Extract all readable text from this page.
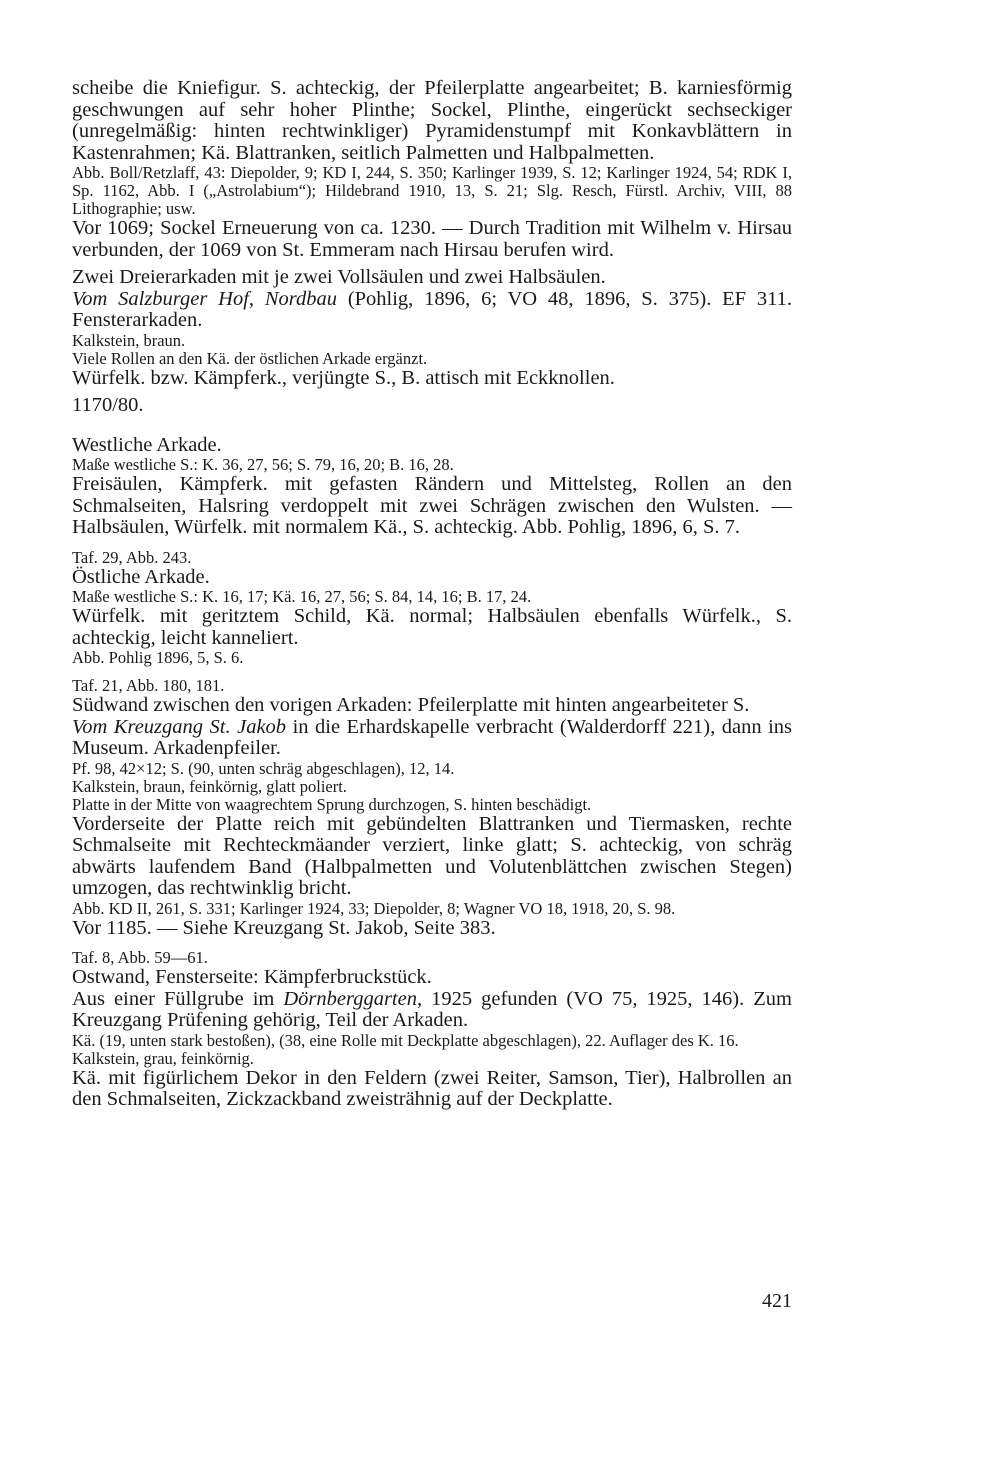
scheibe die Kniefigur. S. achteckig, der Pfeilerplatte angearbeitet; B. karniesförmig geschwungen auf sehr hoher Plinthe; Sockel, Plinthe, eingerückt sechseckiger (unregelmäßig: hinten rechtwinkliger) Pyramidenstumpf mit Konkavblättern in Kastenrahmen; Kä. Blattranken, seitlich Palmetten und Halbpalmetten.

Abb. Boll/Retzlaff, 43: Diepolder, 9; KD I, 244, S. 350; Karlinger 1939, S. 12; Karlinger 1924, 54; RDK I, Sp. 1162, Abb. I („Astrolabium“); Hildebrand 1910, 13, S. 21; Slg. Resch, Fürstl. Archiv, VIII, 88 Lithographie; usw.

Vor 1069; Sockel Erneuerung von ca. 1230. — Durch Tradition mit Wilhelm v. Hirsau verbunden, der 1069 von St. Emmeram nach Hirsau berufen wird.

Zwei Dreierarkaden mit je zwei Vollsäulen und zwei Halbsäulen.

Vom Salzburger Hof, Nordbau (Pohlig, 1896, 6; VO 48, 1896, S. 375). EF 311. Fensterarkaden.

Kalkstein, braun.

Viele Rollen an den Kä. der östlichen Arkade ergänzt.

Würfelk. bzw. Kämpferk., verjüngte S., B. attisch mit Eckknollen.

1170/80.

Westliche Arkade.

Maße westliche S.: K. 36, 27, 56; S. 79, 16, 20; B. 16, 28.

Freisäulen, Kämpferk. mit gefasten Rändern und Mittelsteg, Rollen an den Schmalseiten, Halsring verdoppelt mit zwei Schrägen zwischen den Wulsten. — Halbsäulen, Würfelk. mit normalem Kä., S. achteckig. Abb. Pohlig, 1896, 6, S. 7.

Taf. 29, Abb. 243.

Östliche Arkade.

Maße westliche S.: K. 16, 17; Kä. 16, 27, 56; S. 84, 14, 16; B. 17, 24.

Würfelk. mit geritztem Schild, Kä. normal; Halbsäulen ebenfalls Würfelk., S. achteckig, leicht kanneliert.

Abb. Pohlig 1896, 5, S. 6.

Taf. 21, Abb. 180, 181.

Südwand zwischen den vorigen Arkaden: Pfeilerplatte mit hinten angearbeiteter S.

Vom Kreuzgang St. Jakob in die Erhardskapelle verbracht (Walderdorff 221), dann ins Museum. Arkadenpfeiler.

Pf. 98, 42×12; S. (90, unten schräg abgeschlagen), 12, 14.

Kalkstein, braun, feinkörnig, glatt poliert.

Platte in der Mitte von waagrechtem Sprung durchzogen, S. hinten beschädigt.

Vorderseite der Platte reich mit gebündelten Blattranken und Tiermasken, rechte Schmalseite mit Rechteckmäander verziert, linke glatt; S. achteckig, von schräg abwärts laufendem Band (Halbpalmetten und Volutenblättchen zwischen Stegen) umzogen, das rechtwinklig bricht.

Abb. KD II, 261, S. 331; Karlinger 1924, 33; Diepolder, 8; Wagner VO 18, 1918, 20, S. 98.

Vor 1185. — Siehe Kreuzgang St. Jakob, Seite 383.

Taf. 8, Abb. 59—61.

Ostwand, Fensterseite: Kämpferbruckstück.

Aus einer Füllgrube im Dörnberggarten, 1925 gefunden (VO 75, 1925, 146). Zum Kreuzgang Prüfening gehörig, Teil der Arkaden.

Kä. (19, unten stark bestoßen), (38, eine Rolle mit Deckplatte abgeschlagen), 22. Auflager des K. 16.

Kalkstein, grau, feinkörnig.

Kä. mit figürlichem Dekor in den Feldern (zwei Reiter, Samson, Tier), Halbrollen an den Schmalseiten, Zickzackband zweisträhnig auf der Deckplatte.

421
